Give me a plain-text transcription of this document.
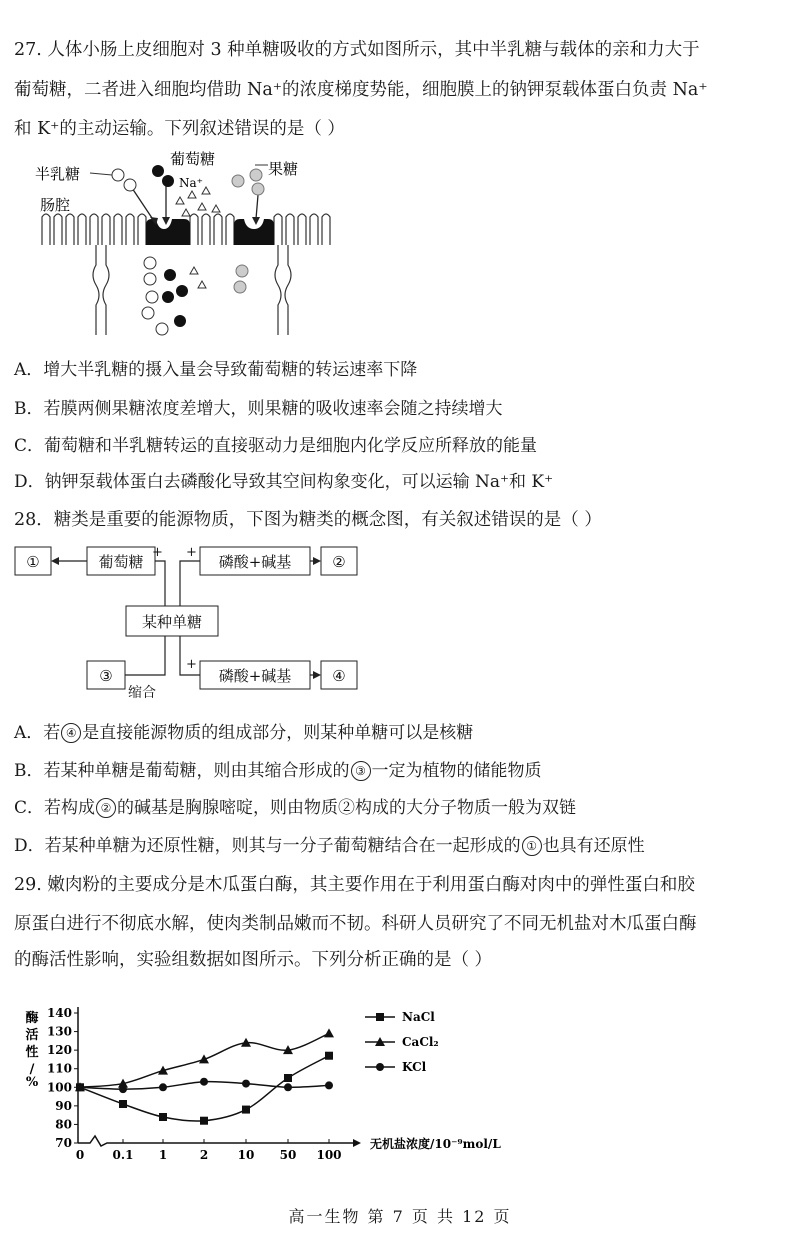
27. 人体小肠上皮细胞对 3 种单糖吸收的方式如图所示，其中半乳糖与载体的亲和力大于
葡萄糖，二者进入细胞均借助 Na⁺的浓度梯度势能，细胞膜上的钠钾泵载体蛋白负责 Na⁺
和 K⁺的主动运输。下列叙述错误的是（ ）
半乳糖
葡萄糖
果糖
肠腔
Na⁺
A．增大半乳糖的摄入量会导致葡萄糖的转运速率下降
B．若膜两侧果糖浓度差增大，则果糖的吸收速率会随之持续增大
C．葡萄糖和半乳糖转运的直接驱动力是细胞内化学反应所释放的能量
D．钠钾泵载体蛋白去磷酸化导致其空间构象变化，可以运输 Na⁺和 K⁺
28．糖类是重要的能源物质，下图为糖类的概念图，有关叙述错误的是（ ）
①	葡萄糖	磷酸+碱基	②
某种单糖
③	磷酸+碱基	④
+ +
+
缩合
A．若 ④ 是直接能源物质的组成部分，则某种单糖可以是核糖
B．若某种单糖是葡萄糖，则由其缩合形成的 ③ 一定为植物的储能物质
C．若构成 ② 的碱基是胸腺嘧啶，则由物质②构成的大分子物质一般为双链
D．若某种单糖为还原性糖，则其与一分子葡萄糖结合在一起形成的 ① 也具有还原性
29. 嫩肉粉的主要成分是木瓜蛋白酶，其主要作用在于利用蛋白酶对肉中的弹性蛋白和胶
原蛋白进行不彻底水解，使肉类制品嫩而不韧。科研人员研究了不同无机盐对木瓜蛋白酶
的酶活性影响，实验组数据如图所示。下列分析正确的是（ ）
70
80
90
100
110
120
130
140
0 0.1 1	2 10 50 100
NaCl
CaCl₂
KCl
酶
活
性
/
%
无机盐浓度/10⁻⁹mol/L
高一生物 第 7 页 共 12 页
